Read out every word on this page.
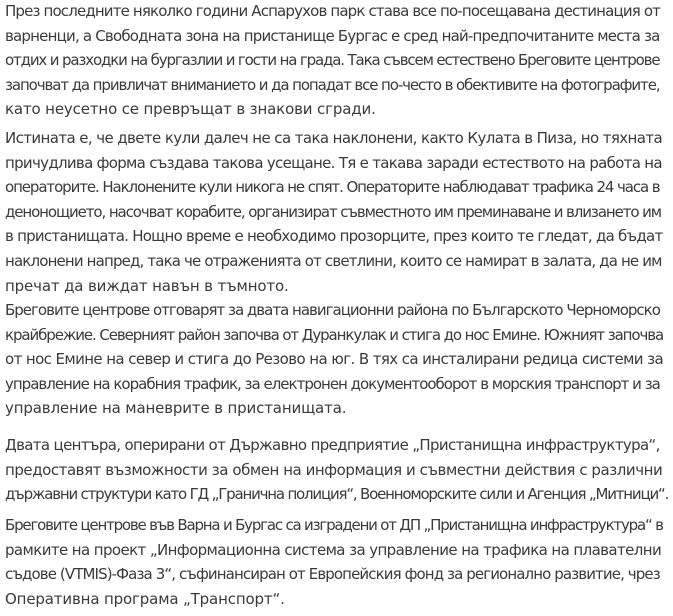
През последните няколко години Аспарухов парк става все по-посещавана дестинация от
варненци, а Свободната зона на пристанище Бургас е сред най-предпочитаните места за
отдих и разходки на бургазлии и гости на града. Така съвсем естествено Бреговите центрове
започват да привличат вниманието и да попадат все по-често в обективите на фотографите,
като неусетно се превръщат в знакови сгради.

Истината е, че двете кули далеч не са така наклонени, както Кулата в Пиза, но тяхната
причудлива форма създава такова усещане. Тя е такава заради естеството на работа на
операторите. Наклонените кули никога не спят. Операторите наблюдават трафика 24 часа в
денонощието, насочват корабите, организират съвместното им преминаване и влизането им
в пристанищата. Нощно време е необходимо прозорците, през които те гледат, да бъдат
наклонени напред, така че отраженията от светлини, които се намират в залата, да не им
пречат да виждат навън в тъмното.

Бреговите центрове отговарят за двата навигационни района по Българското Черноморско
крайбрежие. Северният район започва от Дуранкулак и стига до нос Емине. Южният започва
от нос Емине на север и стига до Резово на юг. В тях са инсталирани редица системи за
управление на корабния трафик, за електронен документооборот в морския транспорт и за
управление на маневрите в пристанищата.

Двата центъра, оперирани от Държавно предприятие „Пристанищна инфраструктура“,
предоставят възможности за обмен на информация и съвместни действия с различни
държавни структури като ГД „Гранична полиция“, Военноморските сили и Агенция „Митници“.

Бреговите центрове във Варна и Бургас са изградени от ДП „Пристанищна инфраструктура“ в
рамките на проект „Информационна система за управление на трафика на плавателни
съдове (VTMIS)-Фаза 3“, съфинансиран от Европейския фонд за регионално развитие, чрез
Оперативна програма „Транспорт“.
